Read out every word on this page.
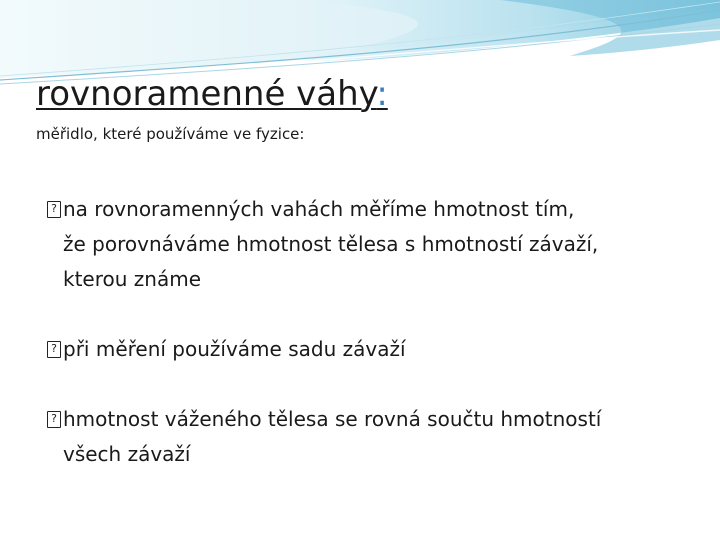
rovnoramenné váhy:

měřidlo, které používáme ve fyzice:

? na rovnoramenných vahách měříme hmotnost tím,
že porovnáváme hmotnost tělesa s hmotností závaží,
kterou známe
? při měření používáme sadu závaží
? hmotnost váženého tělesa se rovná součtu hmotností
všech závaží
